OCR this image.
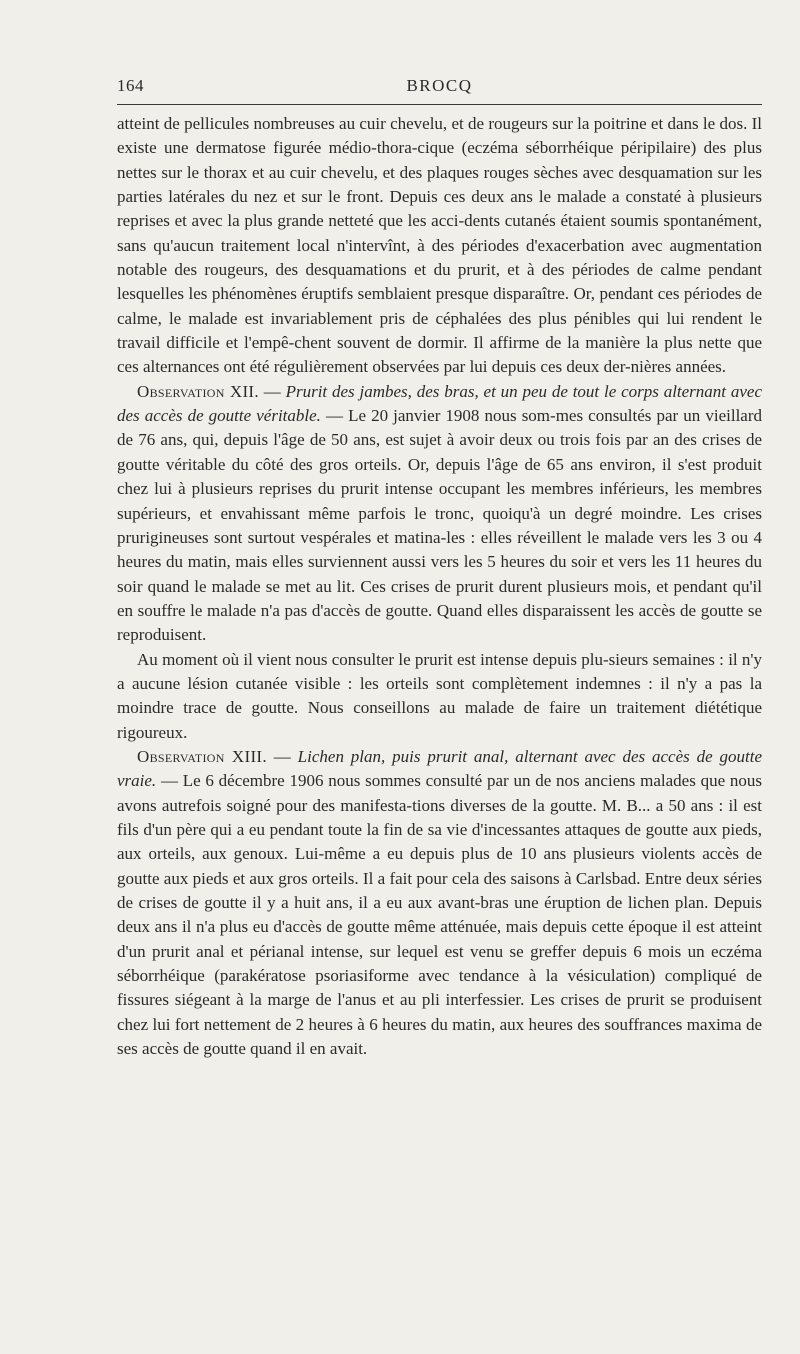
164	BROCQ

atteint de pellicules nombreuses au cuir chevelu, et de rougeurs sur la poitrine et dans le dos. Il existe une dermatose figurée médio-thora-cique (eczéma séborrhéique péripilaire) des plus nettes sur le thorax et au cuir chevelu, et des plaques rouges sèches avec desquamation sur les parties latérales du nez et sur le front. Depuis ces deux ans le malade a constaté à plusieurs reprises et avec la plus grande netteté que les acci-dents cutanés étaient soumis spontanément, sans qu'aucun traitement local n'intervînt, à des périodes d'exacerbation avec augmentation notable des rougeurs, des desquamations et du prurit, et à des périodes de calme pendant lesquelles les phénomènes éruptifs semblaient presque disparaître. Or, pendant ces périodes de calme, le malade est invariablement pris de céphalées des plus pénibles qui lui rendent le travail difficile et l'empê-chent souvent de dormir. Il affirme de la manière la plus nette que ces alternances ont été régulièrement observées par lui depuis ces deux der-nières années.

Observation XII. — Prurit des jambes, des bras, et un peu de tout le corps alternant avec des accès de goutte véritable. — Le 20 janvier 1908 nous som-mes consultés par un vieillard de 76 ans, qui, depuis l'âge de 50 ans, est sujet à avoir deux ou trois fois par an des crises de goutte véritable du côté des gros orteils. Or, depuis l'âge de 65 ans environ, il s'est produit chez lui à plusieurs reprises du prurit intense occupant les membres inférieurs, les membres supérieurs, et envahissant même parfois le tronc, quoiqu'à un degré moindre. Les crises prurigineuses sont surtout vespérales et matina-les : elles réveillent le malade vers les 3 ou 4 heures du matin, mais elles surviennent aussi vers les 5 heures du soir et vers les 11 heures du soir quand le malade se met au lit. Ces crises de prurit durent plusieurs mois, et pendant qu'il en souffre le malade n'a pas d'accès de goutte. Quand elles disparaissent les accès de goutte se reproduisent.

Au moment où il vient nous consulter le prurit est intense depuis plu-sieurs semaines : il n'y a aucune lésion cutanée visible : les orteils sont complètement indemnes : il n'y a pas la moindre trace de goutte. Nous conseillons au malade de faire un traitement diététique rigoureux.

Observation XIII. — Lichen plan, puis prurit anal, alternant avec des accès de goutte vraie. — Le 6 décembre 1906 nous sommes consulté par un de nos anciens malades que nous avons autrefois soigné pour des manifesta-tions diverses de la goutte. M. B... a 50 ans : il est fils d'un père qui a eu pendant toute la fin de sa vie d'incessantes attaques de goutte aux pieds, aux orteils, aux genoux. Lui-même a eu depuis plus de 10 ans plusieurs violents accès de goutte aux pieds et aux gros orteils. Il a fait pour cela des saisons à Carlsbad. Entre deux séries de crises de goutte il y a huit ans, il a eu aux avant-bras une éruption de lichen plan. Depuis deux ans il n'a plus eu d'accès de goutte même atténuée, mais depuis cette époque il est atteint d'un prurit anal et périanal intense, sur lequel est venu se greffer depuis 6 mois un eczéma séborrhéique (parakératose psoriasiforme avec tendance à la vésiculation) compliqué de fissures siégeant à la marge de l'anus et au pli interfessier. Les crises de prurit se produisent chez lui fort nettement de 2 heures à 6 heures du matin, aux heures des souffrances maxima de ses accès de goutte quand il en avait.
